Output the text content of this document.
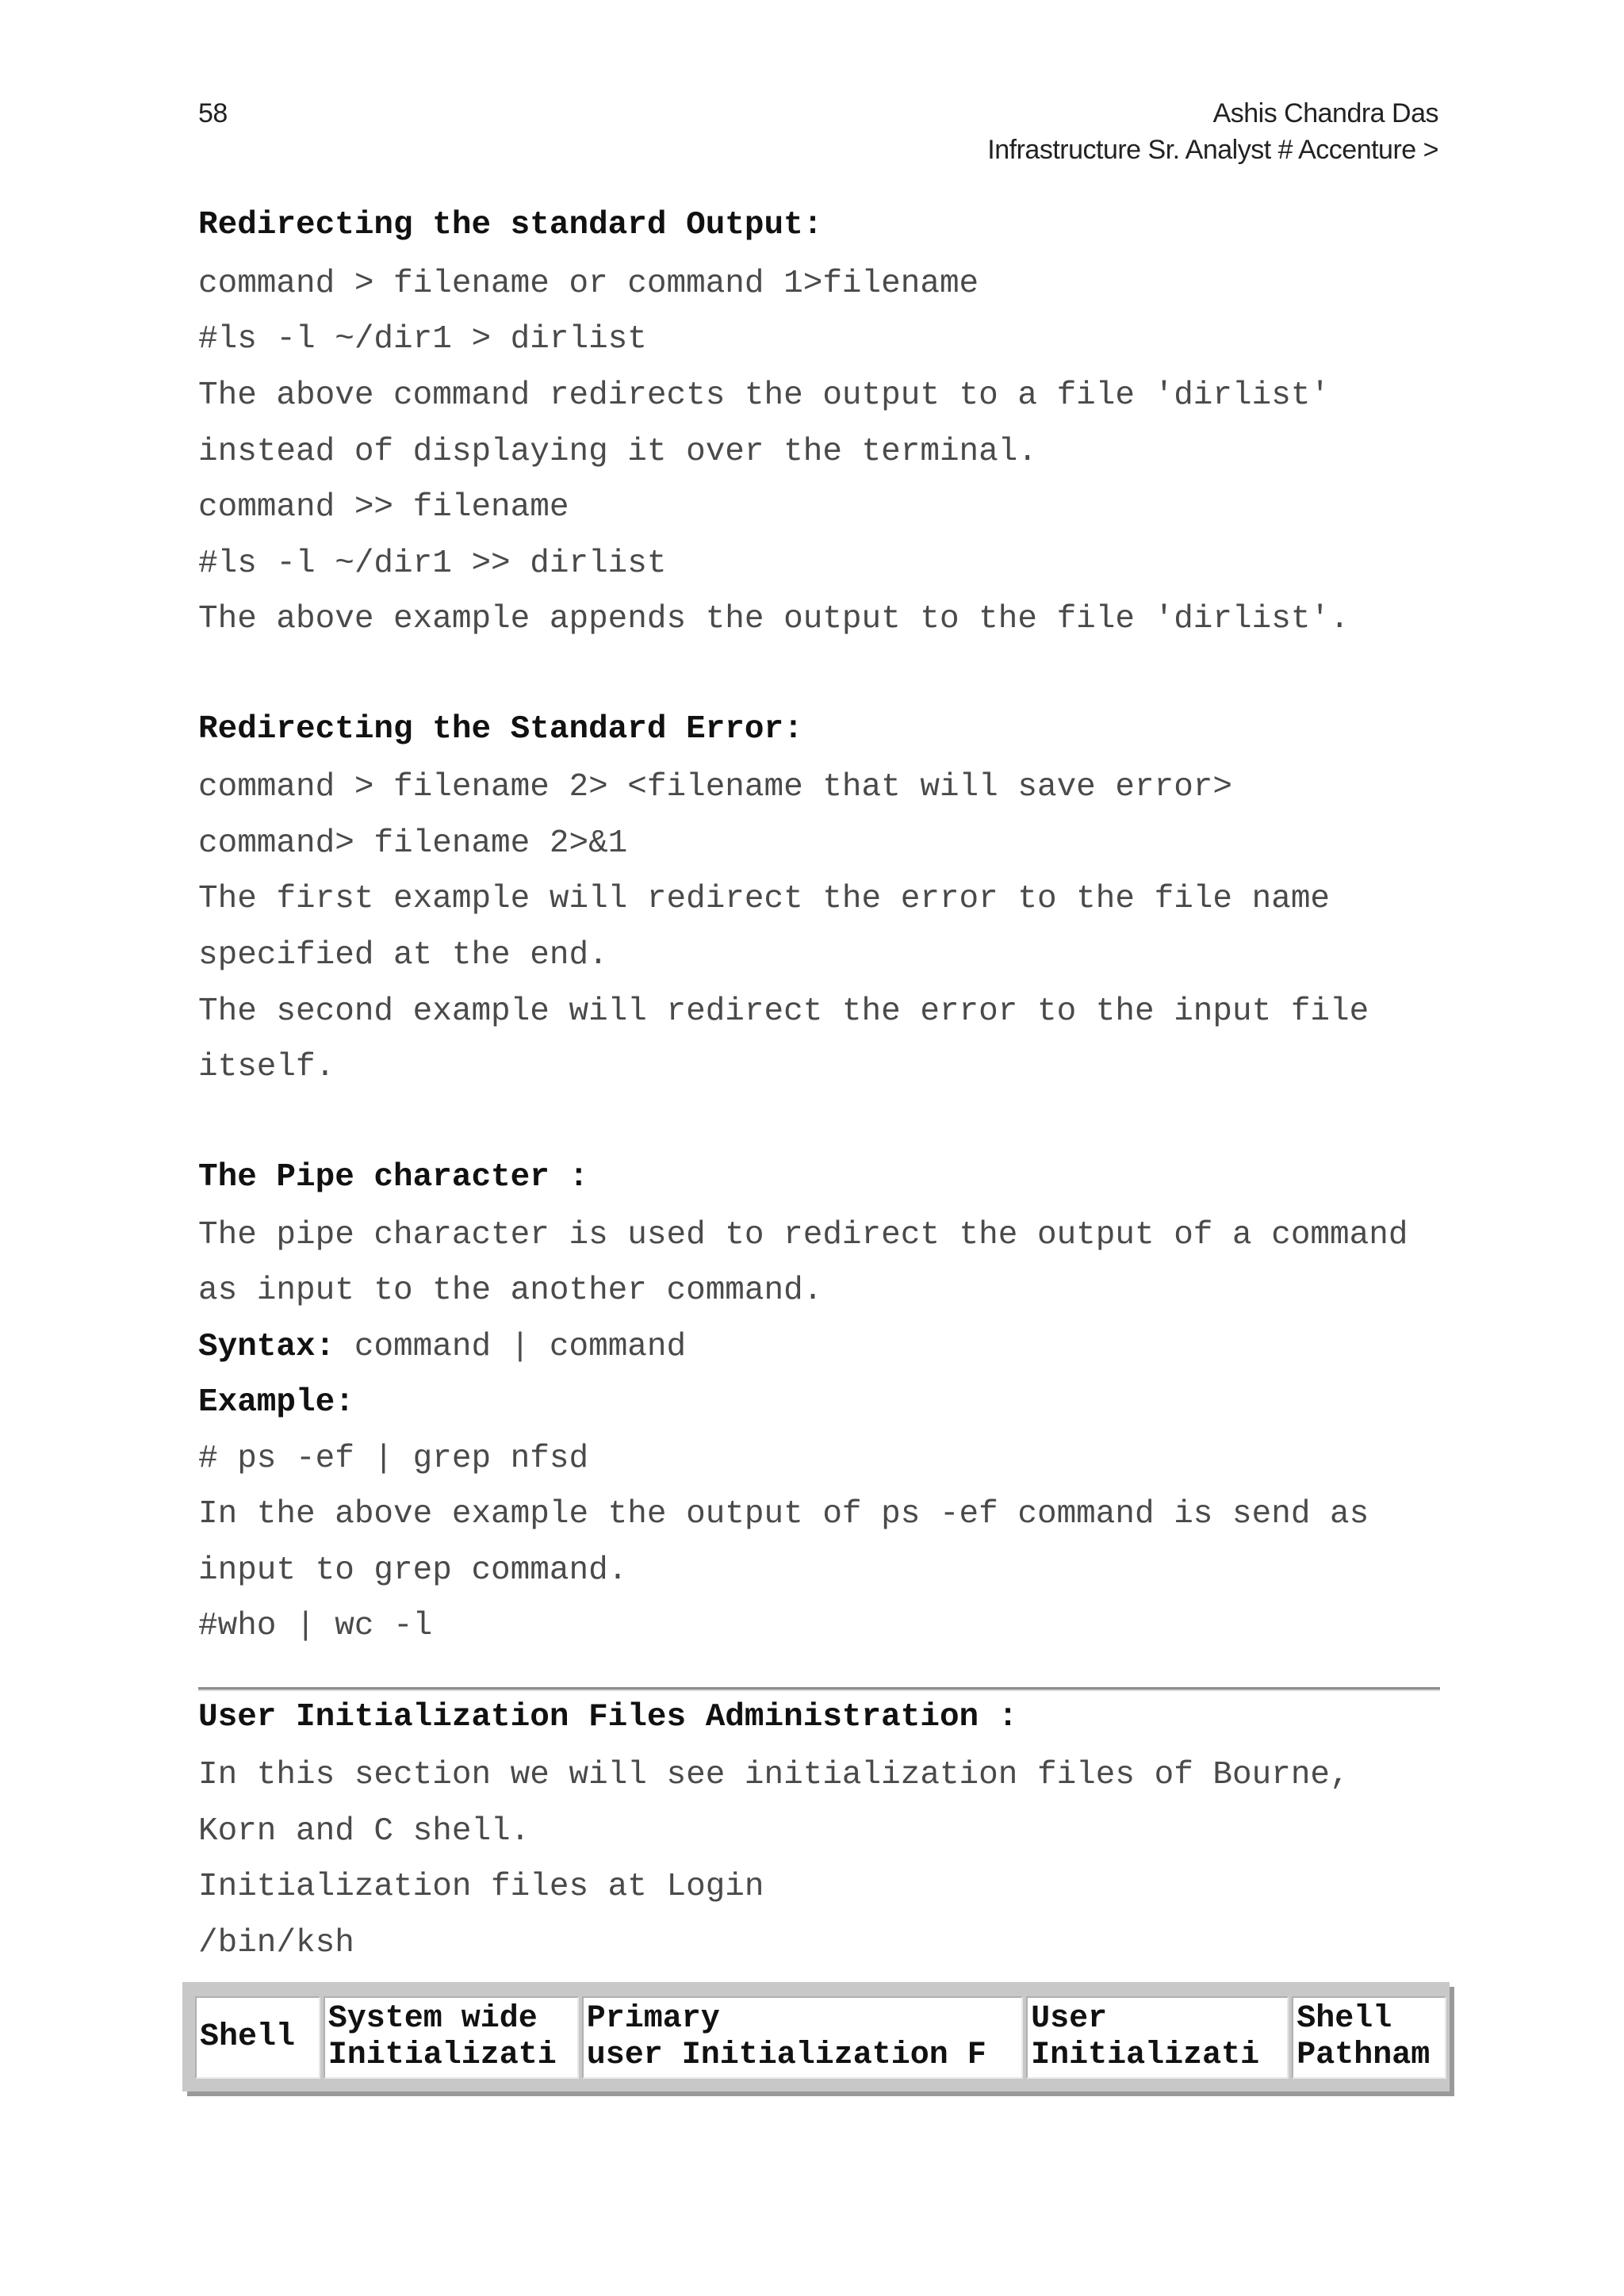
58	Ashis Chandra Das
Infrastructure Sr. Analyst # Accenture >
Redirecting the standard Output:
command > filename or command 1>filename
#ls -l ~/dir1 > dirlist
The above command redirects the output to a file 'dirlist'
instead of displaying it over the terminal.
command >> filename
#ls -l ~/dir1 >> dirlist
The above example appends the output to the file 'dirlist'.
Redirecting the Standard Error:
command > filename 2> <filename that will save error>
command> filename 2>&1
The first example will redirect the error to the file name
specified at the end.
The second example will redirect the error to the input file
itself.
The Pipe character :
The pipe character is used to redirect the output of a command
as input to the another command.
Syntax: command | command
Example:
# ps -ef | grep nfsd
In the above example the output of ps -ef command is send as
input to grep command.
#who | wc -l
User Initialization Files Administration :
In this section we will see initialization files of Bourne,
Korn and C shell.
Initialization files at Login
/bin/ksh
Shell

System wide
Initializati

Primary
user Initialization F

User
Initializati

Shell
Pathnam
